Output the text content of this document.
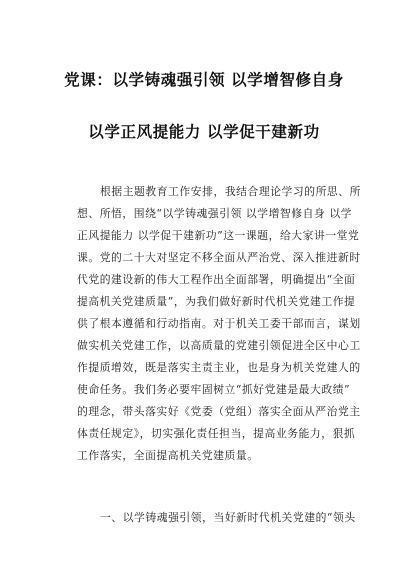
党课：以学铸魂强引领 以学增智修自身
以学正风提能力 以学促干建新功
根据主题教育工作安排，我结合理论学习的所思、所
想、所悟，围绕“以学铸魂强引领 以学增智修自身 以学
正风提能力 以学促干建新功”这一课题，给大家讲一堂党
课。党的二十大对坚定不移全面从严治党、深入推进新时
代党的建设新的伟大工程作出全面部署，明确提出“全面
提高机关党建质量”，为我们做好新时代机关党建工作提
供了根本遵循和行动指南。对于机关工委干部而言，谋划
做实机关党建工作，以高质量的党建引领促进全区中心工
作提质增效，既是落实主责主业，也是身为机关党建人的
使命任务。我们务必要牢固树立“抓好党建是最大政绩”
的理念，带头落实好《党委（党组）落实全面从严治党主
体责任规定》，切实强化责任担当，提高业务能力，狠抓
工作落实，全面提高机关党建质量。
一、以学铸魂强引领，当好新时代机关党建的“领头
